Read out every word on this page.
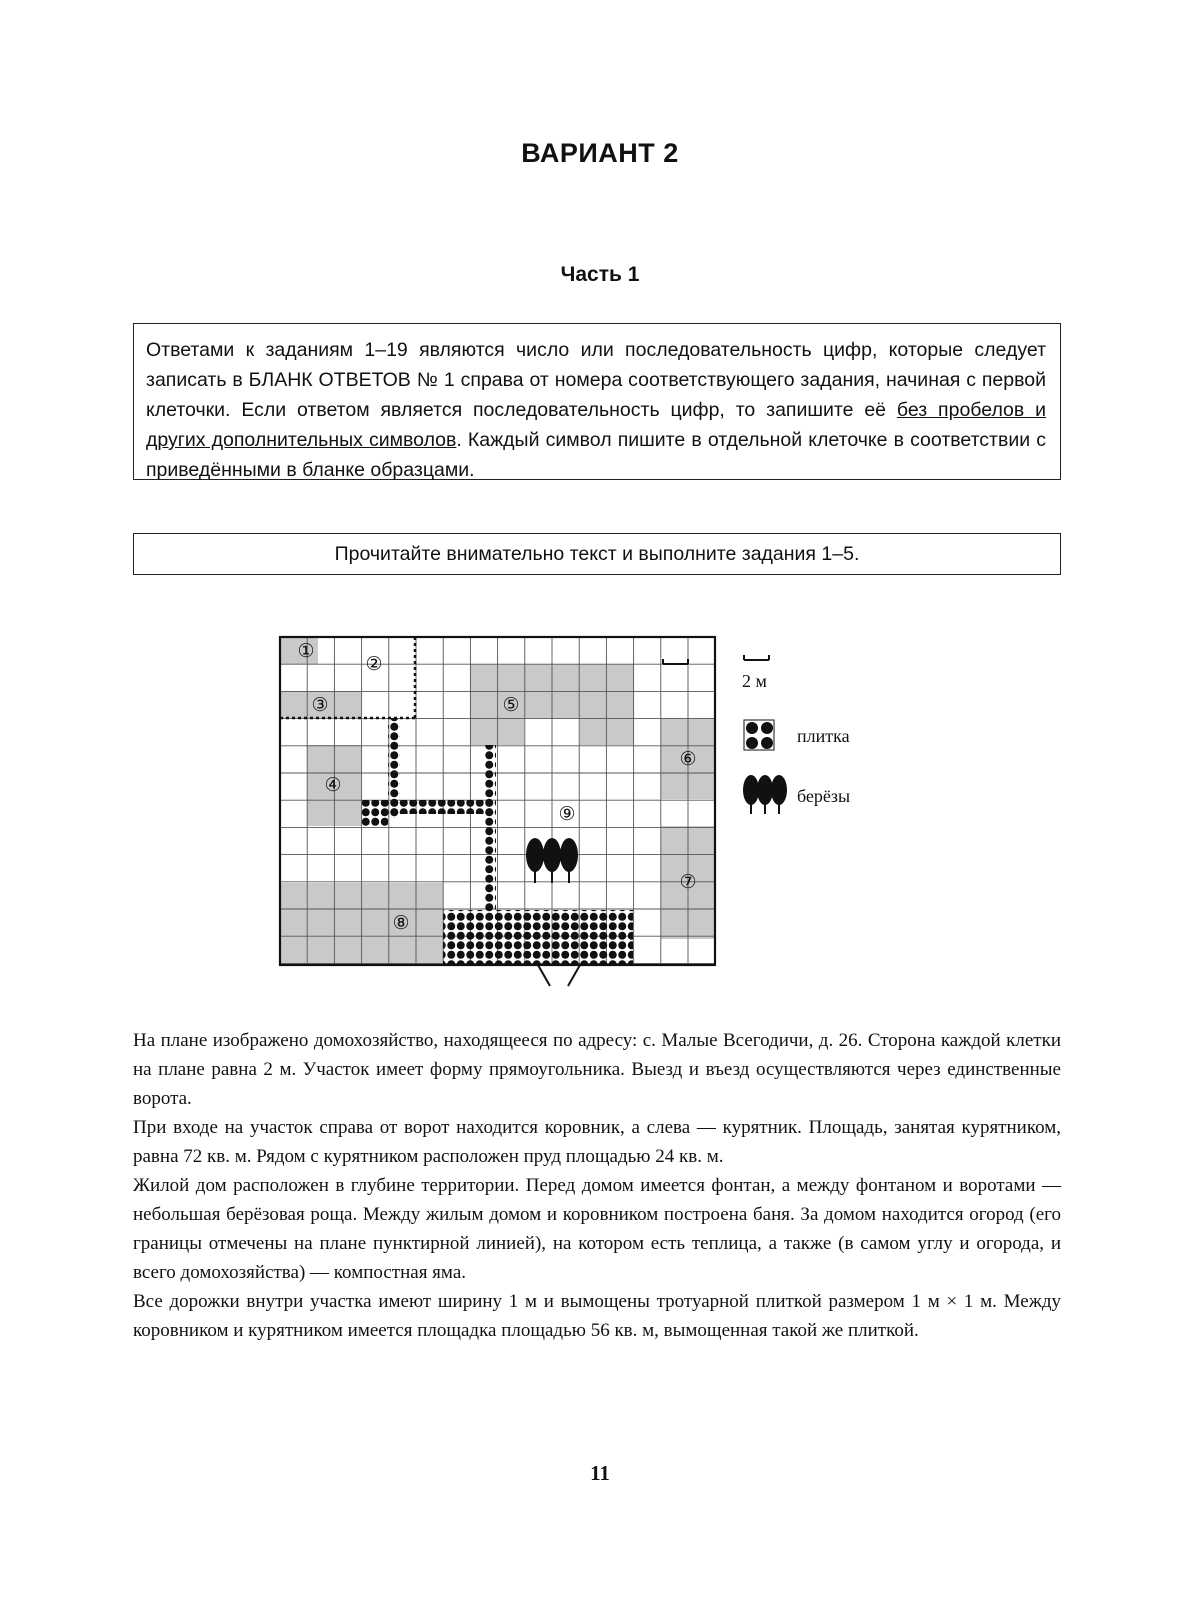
ВАРИАНТ 2
Часть 1
Ответами к заданиям 1–19 являются число или последовательность цифр, которые следует записать в БЛАНК ОТВЕТОВ № 1 справа от номера соответствующего задания, начиная с первой клеточки. Если ответом является последовательность цифр, то запишите её без пробелов и других дополнительных символов. Каждый символ пишите в отдельной клеточке в соответствии с приведёнными в бланке образцами.
Прочитайте внимательно текст и выполните задания 1–5.
①
②
③
④
⑤
⑥
⑦
⑧
⑨
2 м
плитка
берёзы

На плане изображено домохозяйство, находящееся по адресу: с. Малые Всегодичи, д. 26. Сторона каждой клетки на плане равна 2 м. Участок имеет форму прямоугольника. Выезд и въезд осуществляются через единственные ворота.

При входе на участок справа от ворот находится коровник, а слева — курятник. Площадь, занятая курятником, равна 72 кв. м. Рядом с курятником расположен пруд площадью 24 кв. м.

Жилой дом расположен в глубине территории. Перед домом имеется фонтан, а между фонтаном и воротами — небольшая берёзовая роща. Между жилым домом и коровником построена баня. За домом находится огород (его границы отмечены на плане пунктирной линией), на котором есть теплица, а также (в самом углу и огорода, и всего домохозяйства) — компостная яма.

Все дорожки внутри участка имеют ширину 1 м и вымощены тротуарной плиткой размером 1 м × 1 м. Между коровником и курятником имеется площадка площадью 56 кв. м, вымощенная такой же плиткой.

11
